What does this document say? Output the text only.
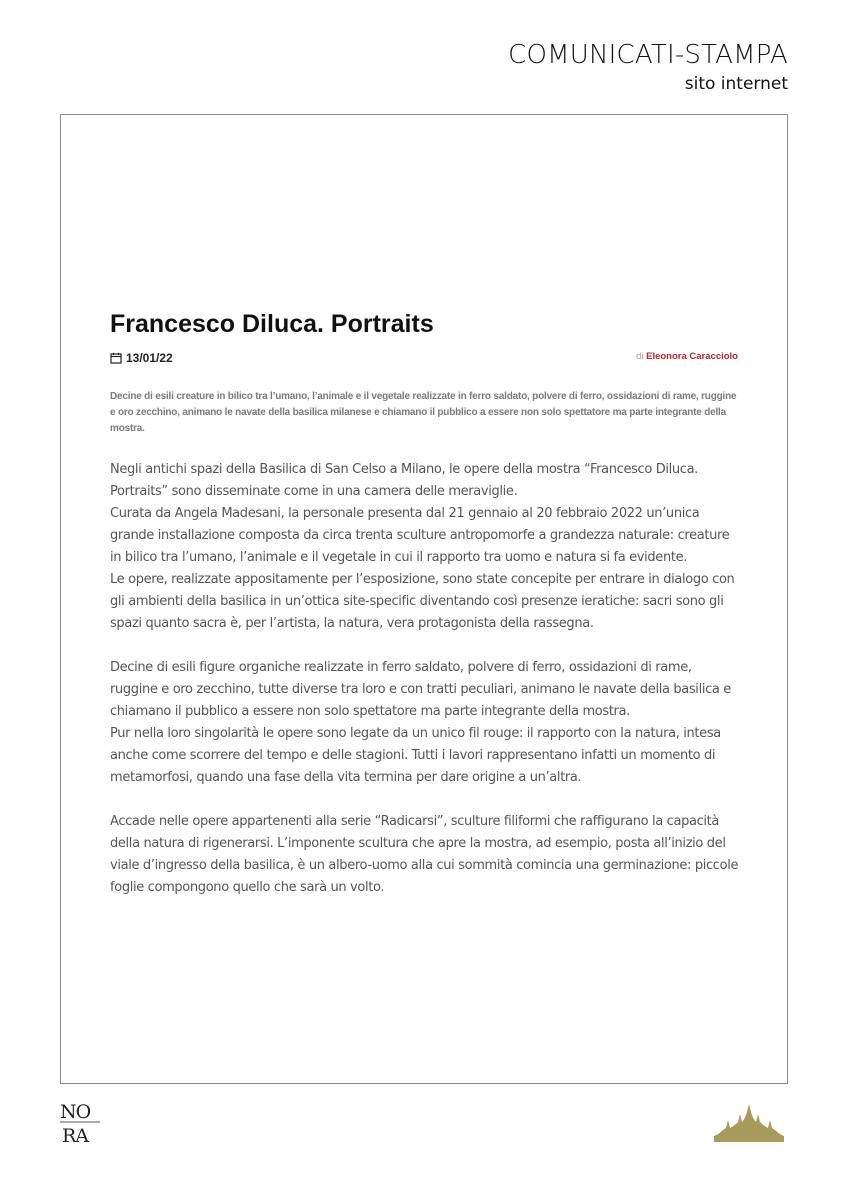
COMUNICATI-STAMPA
sito internet
Francesco Diluca. Portraits
13/01/22	di Eleonora Caracciolo
Decine di esili creature in bilico tra l’umano, l’animale e il vegetale realizzate in ferro saldato, polvere di ferro, ossidazioni di rame, ruggine e oro zecchino, animano le navate della basilica milanese e chiamano il pubblico a essere non solo spettatore ma parte integrante della mostra.

Negli antichi spazi della Basilica di San Celso a Milano, le opere della mostra “Francesco Diluca. Portraits” sono disseminate come in una camera delle meraviglie.
Curata da Angela Madesani, la personale presenta dal 21 gennaio al 20 febbraio 2022 un’unica grande installazione composta da circa trenta sculture antropomorfe a grandezza naturale: creature in bilico tra l’umano, l’animale e il vegetale in cui il rapporto tra uomo e natura si fa evidente.
Le opere, realizzate appositamente per l’esposizione, sono state concepite per entrare in dialogo con gli ambienti della basilica in un’ottica site-specific diventando così presenze ieratiche: sacri sono gli spazi quanto sacra è, per l’artista, la natura, vera protagonista della rassegna.

Decine di esili figure organiche realizzate in ferro saldato, polvere di ferro, ossidazioni di rame, ruggine e oro zecchino, tutte diverse tra loro e con tratti peculiari, animano le navate della basilica e chiamano il pubblico a essere non solo spettatore ma parte integrante della mostra.
Pur nella loro singolarità le opere sono legate da un unico fil rouge: il rapporto con la natura, intesa anche come scorrere del tempo e delle stagioni. Tutti i lavori rappresentano infatti un momento di metamorfosi, quando una fase della vita termina per dare origine a un’altra.

Accade nelle opere appartenenti alla serie “Radicarsi”, sculture filiformi che raffigurano la capacità della natura di rigenerarsi. L’imponente scultura che apre la mostra, ad esempio, posta all’inizio del viale d’ingresso della basilica, è un albero-uomo alla cui sommità comincia una germinazione: piccole foglie compongono quello che sarà un volto.

NO
RA
